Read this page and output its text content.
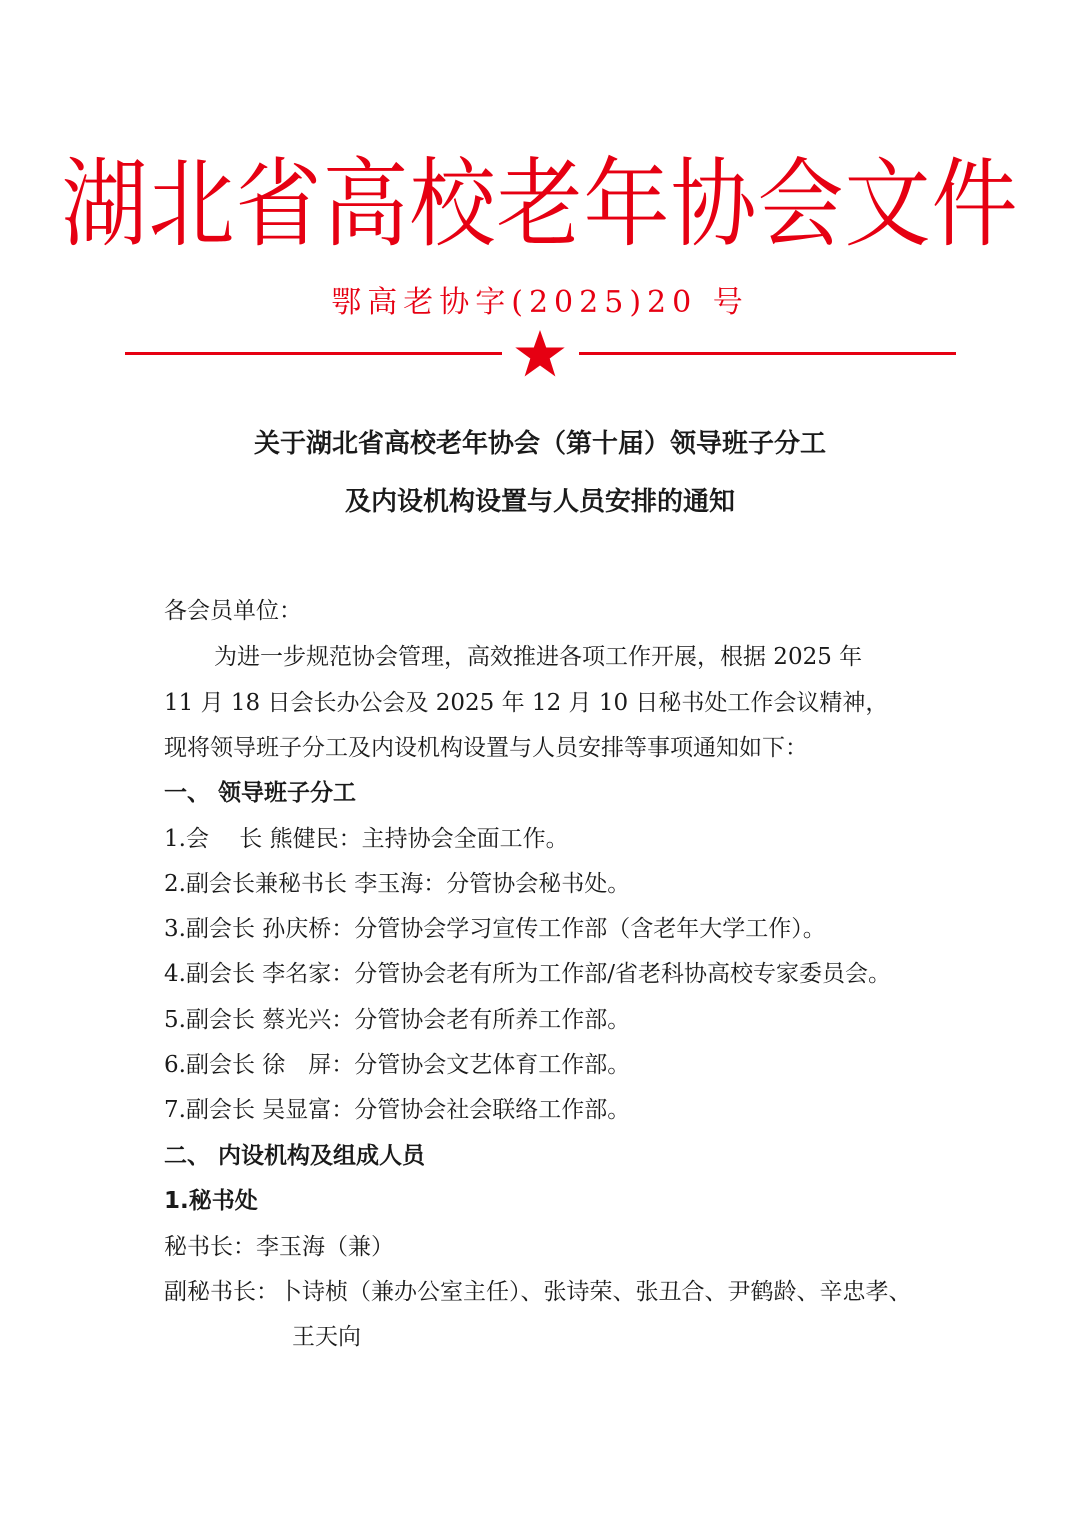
湖北省高校老年协会文件
鄂高老协字(2025)20 号
关于湖北省高校老年协会（第十届）领导班子分工
及内设机构设置与人员安排的通知
各会员单位：
为进一步规范协会管理，高效推进各项工作开展，根据 2025 年
11 月 18 日会长办公会及 2025 年 12 月 10 日秘书处工作会议精神，
现将领导班子分工及内设机构设置与人员安排等事项通知如下：
一、 领导班子分工
1.会　 长 熊健民：主持协会全面工作。
2.副会长兼秘书长 李玉海：分管协会秘书处。
3.副会长 孙庆桥：分管协会学习宣传工作部（含老年大学工作）。
4.副会长 李名家：分管协会老有所为工作部/省老科协高校专家委员会。
5.副会长 蔡光兴：分管协会老有所养工作部。
6.副会长 徐　屏：分管协会文艺体育工作部。
7.副会长 吴显富：分管协会社会联络工作部。
二、 内设机构及组成人员
1.秘书处
秘书长：李玉海（兼）
副秘书长：卜诗桢（兼办公室主任）、张诗荣、张丑合、尹鹤龄、辛忠孝、
王天向
